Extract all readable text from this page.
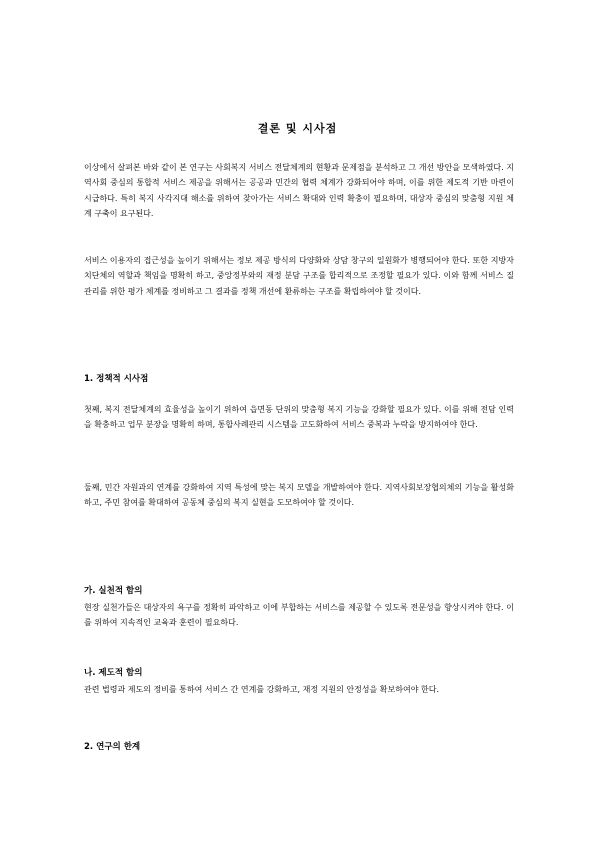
결론 및 시사점
이상에서 살펴본 바와 같이 본 연구는 사회복지 서비스 전달체계의 현황과 문제점을 분석하고 그 개선 방안을 모색하였다. 지역사회 중심의 통합적 서비스 제공을 위해서는 공공과 민간의 협력 체계가 강화되어야 하며, 이를 위한 제도적 기반 마련이 시급하다. 특히 복지 사각지대 해소를 위하여 찾아가는 서비스 확대와 인력 확충이 필요하며, 대상자 중심의 맞춤형 지원 체계 구축이 요구된다.
서비스 이용자의 접근성을 높이기 위해서는 정보 제공 방식의 다양화와 상담 창구의 일원화가 병행되어야 한다. 또한 지방자치단체의 역할과 책임을 명확히 하고, 중앙정부와의 재정 분담 구조를 합리적으로 조정할 필요가 있다. 이와 함께 서비스 질 관리를 위한 평가 체계를 정비하고 그 결과를 정책 개선에 환류하는 구조를 확립하여야 할 것이다.
1. 정책적 시사점
첫째, 복지 전달체계의 효율성을 높이기 위하여 읍면동 단위의 맞춤형 복지 기능을 강화할 필요가 있다. 이를 위해 전담 인력을 확충하고 업무 분장을 명확히 하며, 통합사례관리 시스템을 고도화하여 서비스 중복과 누락을 방지하여야 한다.
둘째, 민간 자원과의 연계를 강화하여 지역 특성에 맞는 복지 모델을 개발하여야 한다. 지역사회보장협의체의 기능을 활성화하고, 주민 참여를 확대하여 공동체 중심의 복지 실현을 도모하여야 할 것이다.
가. 실천적 함의
현장 실천가들은 대상자의 욕구를 정확히 파악하고 이에 부합하는 서비스를 제공할 수 있도록 전문성을 향상시켜야 한다. 이를 위하여 지속적인 교육과 훈련이 필요하다.
나. 제도적 함의
관련 법령과 제도의 정비를 통하여 서비스 간 연계를 강화하고, 재정 지원의 안정성을 확보하여야 한다.
2. 연구의 한계
